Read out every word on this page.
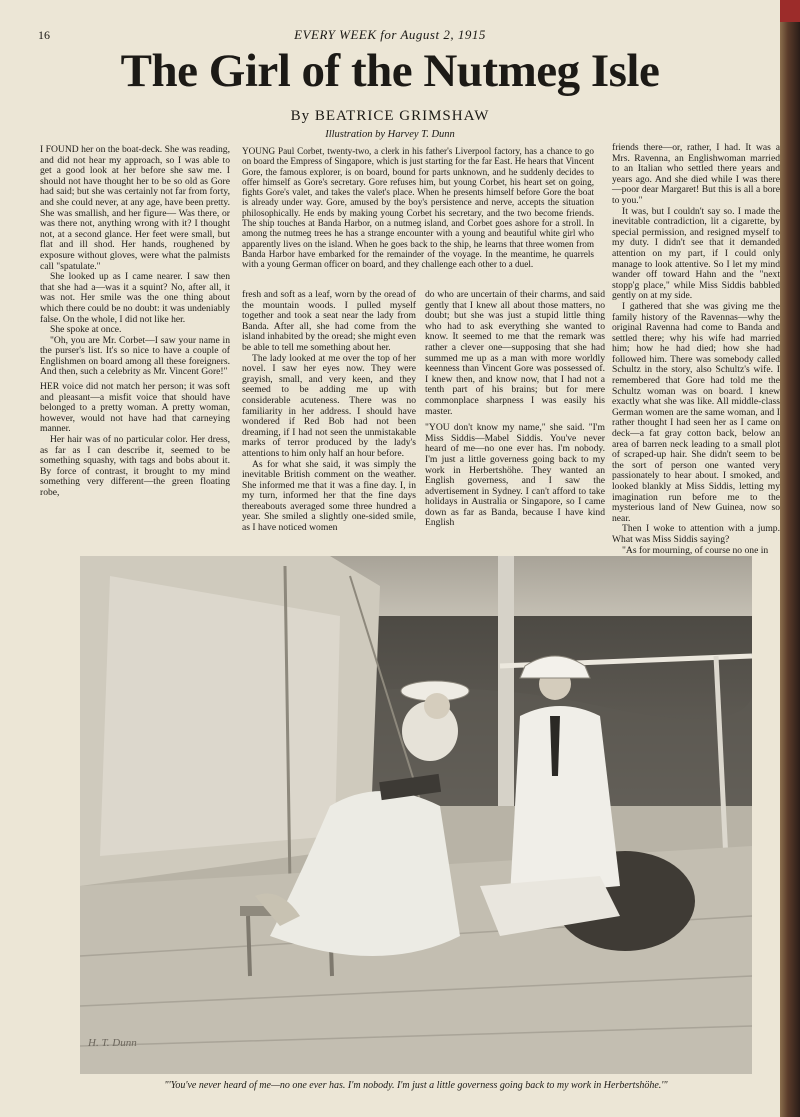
16	EVERY WEEK for August 2, 1915
The Girl of the Nutmeg Isle
By BEATRICE GRIMSHAW
Illustration by Harvey T. Dunn

I FOUND her on the boat-deck. She was reading, and did not hear my approach, so I was able to get a good look at her before she saw me. I should not have thought her to be so old as Gore had said; but she was certainly not far from forty, and she could never, at any age, have been pretty. She was smallish, and her figure— Was there, or was there not, anything wrong with it? I thought not, at a second glance. Her feet were small, but flat and ill shod. Her hands, roughened by exposure without gloves, were what the palmists call "spatulate."

She looked up as I came nearer. I saw then that she had a—was it a squint? No, after all, it was not. Her smile was the one thing about which there could be no doubt: it was undeniably false. On the whole, I did not like her.

She spoke at once.

"Oh, you are Mr. Corbet—I saw your name in the purser's list. It's so nice to have a couple of Englishmen on board among all these foreigners. And then, such a celebrity as Mr. Vincent Gore!"

HER voice did not match her person; it was soft and pleasant—a misfit voice that should have belonged to a pretty woman. A pretty woman, however, would not have had that carneying manner.

Her hair was of no particular color. Her dress, as far as I can describe it, seemed to be something squashy, with tags and bobs about it. By force of contrast, it brought to my mind something very different—the green floating robe,

YOUNG Paul Corbet, twenty-two, a clerk in his father's Liverpool factory, has a chance to go on board the Empress of Singapore, which is just starting for the far East. He hears that Vincent Gore, the famous explorer, is on board, bound for parts unknown, and he suddenly decides to offer himself as Gore's secretary. Gore refuses him, but young Corbet, his heart set on going, fights Gore's valet, and takes the valet's place. When he presents himself before Gore the boat is already under way. Gore, amused by the boy's persistence and nerve, accepts the situation philosophically. He ends by making young Corbet his secretary, and the two become friends. The ship touches at Banda Harbor, on a nutmeg island, and Corbet goes ashore for a stroll. In among the nutmeg trees he has a strange encounter with a young and beautiful white girl who apparently lives on the island. When he goes back to the ship, he learns that three women from Banda Harbor have embarked for the remainder of the voyage. In the meantime, he quarrels with a young German officer on board, and they challenge each other to a duel.

fresh and soft as a leaf, worn by the oread of the mountain woods. I pulled myself together and took a seat near the lady from Banda. After all, she had come from the island inhabited by the oread; she might even be able to tell me something about her.

The lady looked at me over the top of her novel. I saw her eyes now. They were grayish, small, and very keen, and they seemed to be adding me up with considerable acuteness. There was no familiarity in her address. I should have wondered if Red Bob had not been dreaming, if I had not seen the unmistakable marks of terror produced by the lady's attentions to him only half an hour before.

As for what she said, it was simply the inevitable British comment on the weather. She informed me that it was a fine day. I, in my turn, informed her that the fine days thereabouts averaged some three hundred a year. She smiled a slightly one-sided smile, as I have noticed women

do who are uncertain of their charms, and said gently that I knew all about those matters, no doubt; but she was just a stupid little thing who had to ask everything she wanted to know. It seemed to me that the remark was rather a clever one—supposing that she had summed me up as a man with more worldly keenness than Vincent Gore was possessed of. I knew then, and know now, that I had not a tenth part of his brains; but for mere commonplace sharpness I was easily his master.

"YOU don't know my name," she said. "I'm Miss Siddis—Mabel Siddis. You've never heard of me—no one ever has. I'm nobody. I'm just a little governess going back to my work in Herbertshöhe. They wanted an English governess, and I saw the advertisement in Sydney. I can't afford to take holidays in Australia or Singapore, so I came down as far as Banda, because I have kind English

friends there—or, rather, I had. It was a Mrs. Ravenna, an Englishwoman married to an Italian who settled there years and years ago. And she died while I was there—poor dear Margaret! But this is all a bore to you."

It was, but I couldn't say so. I made the inevitable contradiction, lit a cigarette, by special permission, and resigned myself to my duty. I didn't see that it demanded attention on my part, if I could only manage to look attentive. So I let my mind wander off toward Hahn and the "next stopp'g place," while Miss Siddis babbled gently on at my side.

I gathered that she was giving me the family history of the Ravennas—why the original Ravenna had come to Banda and settled there; why his wife had married him; how he had died; how she had followed him. There was somebody called Schultz in the story, also Schultz's wife. I remembered that Gore had told me the Schultz woman was on board. I knew exactly what she was like. All middle-class German women are the same woman, and I rather thought I had seen her as I came on deck—a fat gray cotton back, below an area of barren neck leading to a small plot of scraped-up hair. She didn't seem to be the sort of person one wanted very passionately to hear about. I smoked, and looked blankly at Miss Siddis, letting my imagination run before me to the mysterious land of New Guinea, now so near.

Then I woke to attention with a jump. What was Miss Siddis saying?

"As for mourning, of course no one in

H. T. Dunn
"'You've never heard of me—no one ever has. I'm nobody. I'm just a little governess going back to my work in Herbertshöhe.'"
